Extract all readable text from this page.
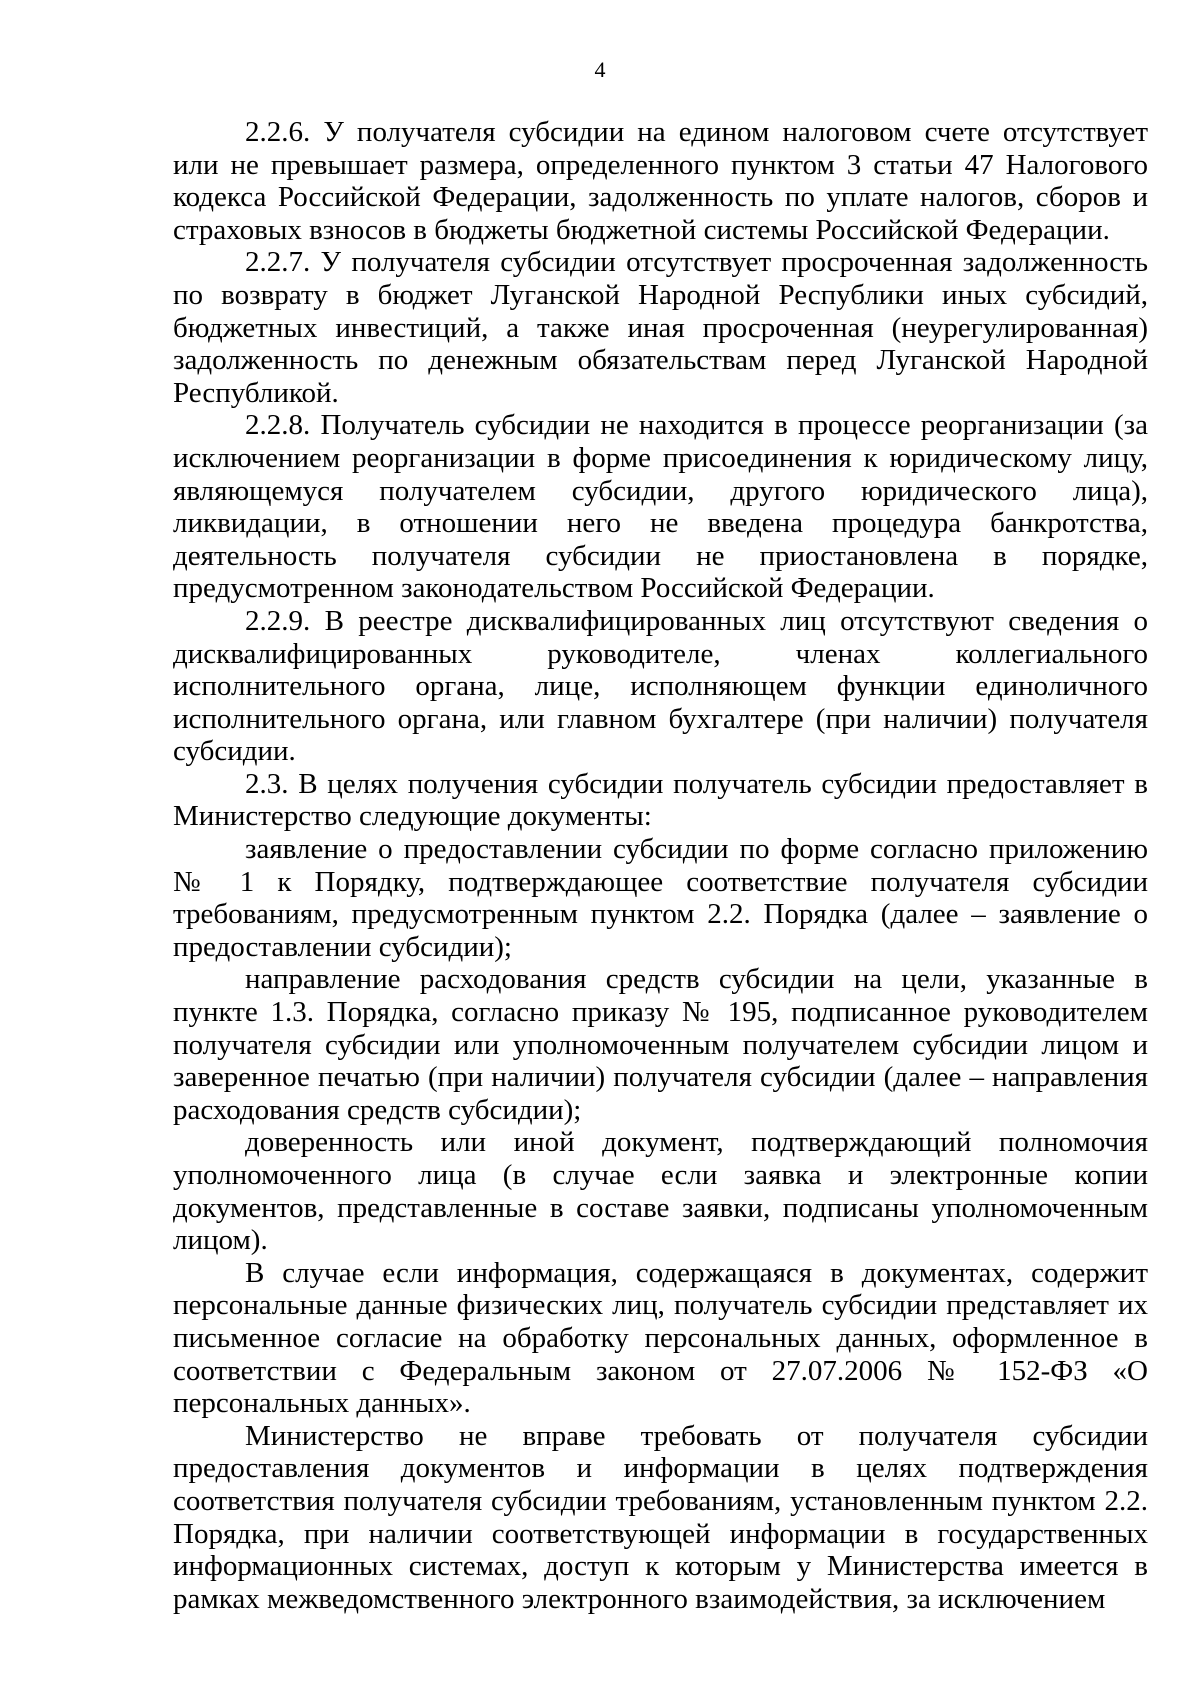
4

2.2.6. У получателя субсидии на едином налоговом счете отсутствует или не превышает размера, определенного пунктом 3 статьи 47 Налогового кодекса Российской Федерации, задолженность по уплате налогов, сборов и страховых взносов в бюджеты бюджетной системы Российской Федерации.

2.2.7. У получателя субсидии отсутствует просроченная задолженность по возврату в бюджет Луганской Народной Республики иных субсидий, бюджетных инвестиций, а также иная просроченная (неурегулированная) задолженность по денежным обязательствам перед Луганской Народной Республикой.

2.2.8. Получатель субсидии не находится в процессе реорганизации (за исключением реорганизации в форме присоединения к юридическому лицу, являющемуся получателем субсидии, другого юридического лица), ликвидации, в отношении него не введена процедура банкротства, деятельность получателя субсидии не приостановлена в порядке, предусмотренном законодательством Российской Федерации.

2.2.9. В реестре дисквалифицированных лиц отсутствуют сведения о дисквалифицированных руководителе, членах коллегиального исполнительного органа, лице, исполняющем функции единоличного исполнительного органа, или главном бухгалтере (при наличии) получателя субсидии.

2.3. В целях получения субсидии получатель субсидии предоставляет в Министерство следующие документы:

заявление о предоставлении субсидии по форме согласно приложению № 1 к Порядку, подтверждающее соответствие получателя субсидии требованиям, предусмотренным пунктом 2.2. Порядка (далее – заявление о предоставлении субсидии);

направление расходования средств субсидии на цели, указанные в пункте 1.3. Порядка, согласно приказу № 195, подписанное руководителем получателя субсидии или уполномоченным получателем субсидии лицом и заверенное печатью (при наличии) получателя субсидии (далее – направления расходования средств субсидии);

доверенность или иной документ, подтверждающий полномочия уполномоченного лица (в случае если заявка и электронные копии документов, представленные в составе заявки, подписаны уполномоченным лицом).

В случае если информация, содержащаяся в документах, содержит персональные данные физических лиц, получатель субсидии представляет их письменное согласие на обработку персональных данных, оформленное в соответствии с Федеральным законом от 27.07.2006 № 152-ФЗ «О персональных данных».

Министерство не вправе требовать от получателя субсидии предоставления документов и информации в целях подтверждения соответствия получателя субсидии требованиям, установленным пунктом 2.2. Порядка, при наличии соответствующей информации в государственных информационных системах, доступ к которым у Министерства имеется в рамках межведомственного электронного взаимодействия, за исключением
